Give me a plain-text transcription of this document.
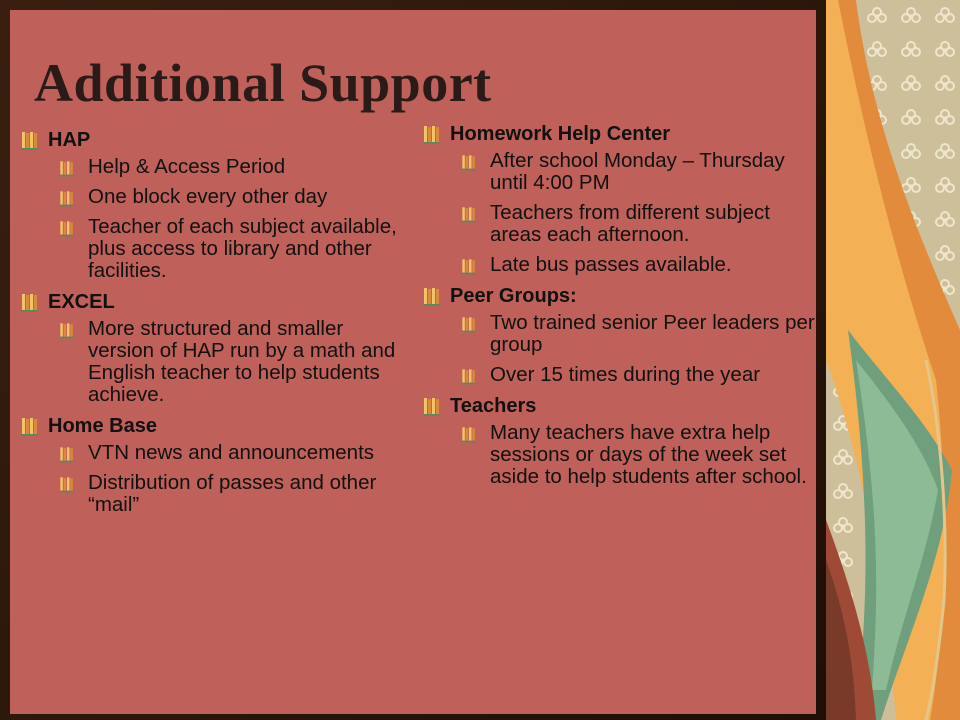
Additional Support
HAP
Help & Access Period
One block every other day
Teacher of each subject available, plus access to library and other facilities.
EXCEL
More structured and smaller version of HAP run by a math and English teacher to help students achieve.
Home Base
VTN news and announcements
Distribution of passes and other “mail”
Homework Help Center
After school Monday – Thursday until 4:00 PM
Teachers from different subject areas each afternoon.
Late bus passes available.
Peer Groups:
Two trained senior Peer leaders per group
Over 15 times during the year
Teachers
Many teachers have extra help sessions or days of the week set aside to help students after school.
